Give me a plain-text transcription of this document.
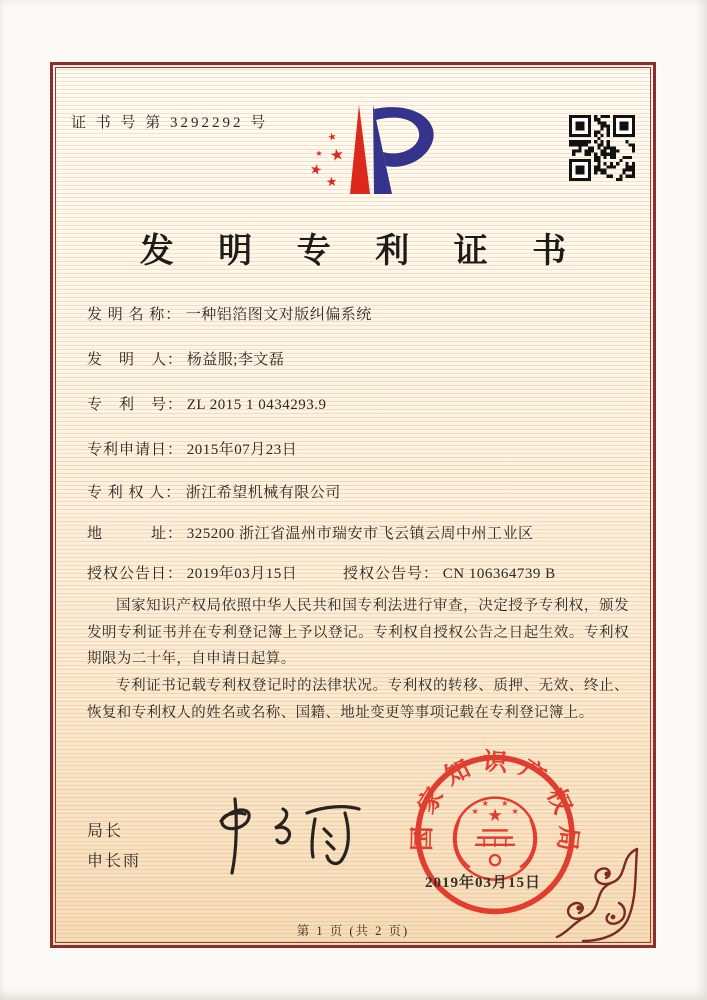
证 书 号 第 3292292 号
★
★
★
★
★
发 明 专 利 证 书
发 明 名 称： 一种铝箔图文对版纠偏系统
发　明　人： 杨益服;李文磊
专　利　号： ZL 2015 1 0434293.9
专利申请日： 2015年07月23日
专 利 权 人： 浙江希望机械有限公司
地　　　址： 325200 浙江省温州市瑞安市飞云镇云周中州工业区
授权公告日： 2019年03月15日	授权公告号： CN 106364739 B

国家知识产权局依照中华人民共和国专利法进行审查，决定授予专利权，颁发发明专利证书并在专利登记簿上予以登记。专利权自授权公告之日起生效。专利权期限为二十年，自申请日起算。

专利证书记载专利权登记时的法律状况。专利权的转移、质押、无效、终止、恢复和专利权人的姓名或名称、国籍、地址变更等事项记载在专利登记簿上。

局长
申长雨
国家知识产权局
★
★
★ ★
★
2019年03月15日
第 1 页 (共 2 页)
